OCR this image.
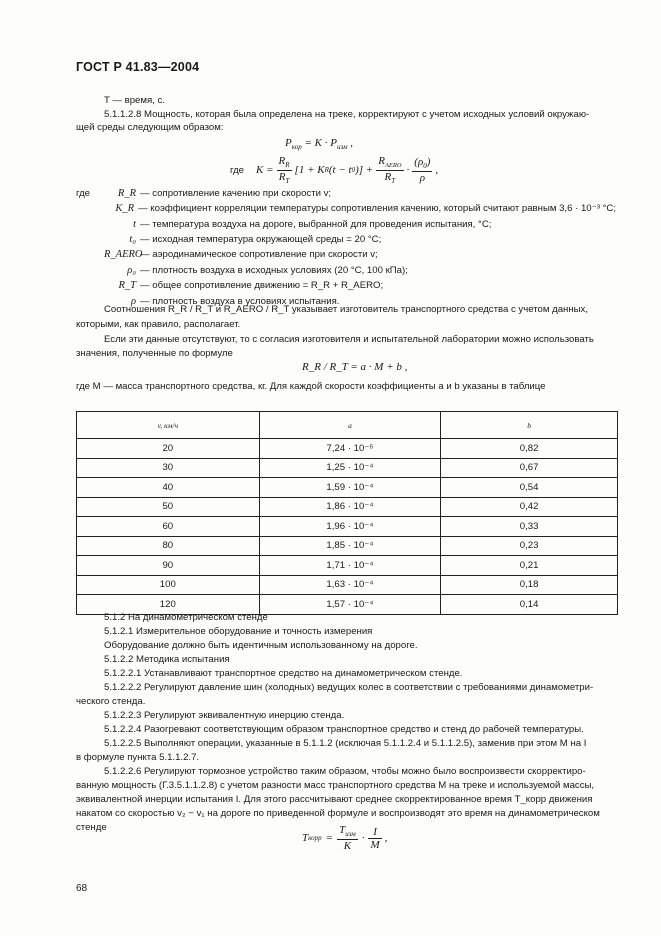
ГОСТ Р 41.83—2004
T — время, с.
5.1.1.2.8 Мощность, которая была определена на треке, корректируют с учетом исходных условий окружаю-
щей среды следующим образом:
$P_{кор} = K \cdot P_{изм}$ ,
где $K = \frac{R_R}{R_T} [1 + K$ R (t − t 0 )] + $\frac{R_{AERO}}{R_T} \cdot \frac{(\rho_0)}{\rho}$ ,
где	R_R — сопротивление качению при скорости v;
K_R — коэффициент корреляции температуры сопротивления качению, который считают равным 3,6 · 10⁻³ °С;
t — температура воздуха на дороге, выбранной для проведения испытания, °С;
t₀ — исходная температура окружающей среды = 20 °С;
R_AERO
— аэродинамическое сопротивление при скорости v;
ρ₀ — плотность воздуха в исходных условиях (20 °С, 100 кПа);
R_T — общее сопротивление движению = R_R + R_AERO;
ρ — плотность воздуха в условиях испытания.
Соотношения R_R / R_T и R_AERO / R_T указывает изготовитель транспортного средства с учетом данных,
которыми, как правило, располагает.
Если эти данные отсутствуют, то с согласия изготовителя и испытательной лаборатории можно использовать
значения, полученные по формуле
R_R / R_T = a · M + b ,
где M — масса транспортного средства, кг. Для каждой скорости коэффициенты a и b указаны в таблице
v, км/ч	a	b
20	7,24 · 10⁻⁵	0,82
30	1,25 · 10⁻⁴	0,67
40	1,59 · 10⁻⁴	0,54
50	1,86 · 10⁻⁴	0,42
60	1,96 · 10⁻⁴	0,33
80	1,85 · 10⁻⁴	0,23
90	1,71 · 10⁻⁴	0,21
100	1,63 · 10⁻⁴	0,18
120	1,57 · 10⁻⁴	0,14
5.1.2 На динамометрическом стенде
5.1.2.1 Измерительное оборудование и точность измерения
Оборудование должно быть идентичным использованному на дороге.
5.1.2.2 Методика испытания
5.1.2.2.1 Устанавливают транспортное средство на динамометрическом стенде.
5.1.2.2.2 Регулируют давление шин (холодных) ведущих колес в соответствии с требованиями динамометри-
ческого стенда.
5.1.2.2.3 Регулируют эквивалентную инерцию стенда.
5.1.2.2.4 Разогревают соответствующим образом транспортное средство и стенд до рабочей температуры.
5.1.2.2.5 Выполняют операции, указанные в 5.1.1.2 (исключая 5.1.1.2.4 и 5.1.1.2.5), заменив при этом M на I
в формуле пункта 5.1.1.2.7.
5.1.2.2.6 Регулируют тормозное устройство таким образом, чтобы можно было воспроизвести скорректиро-
ванную мощность (Г.3.5.1.1.2.8) с учетом разности масс транспортного средства M на треке и используемой массы,
эквивалентной инерции испытания I. Для этого рассчитывают среднее скорректированное время T_корр движения
накатом со скоростью v₂ − v₁ на дороге по приведенной формуле и воспроизводят это время на динамометрическом
стенде
T корр = $\frac{T_{изм}}{K} \cdot \frac{I}{M}$ ,
68
